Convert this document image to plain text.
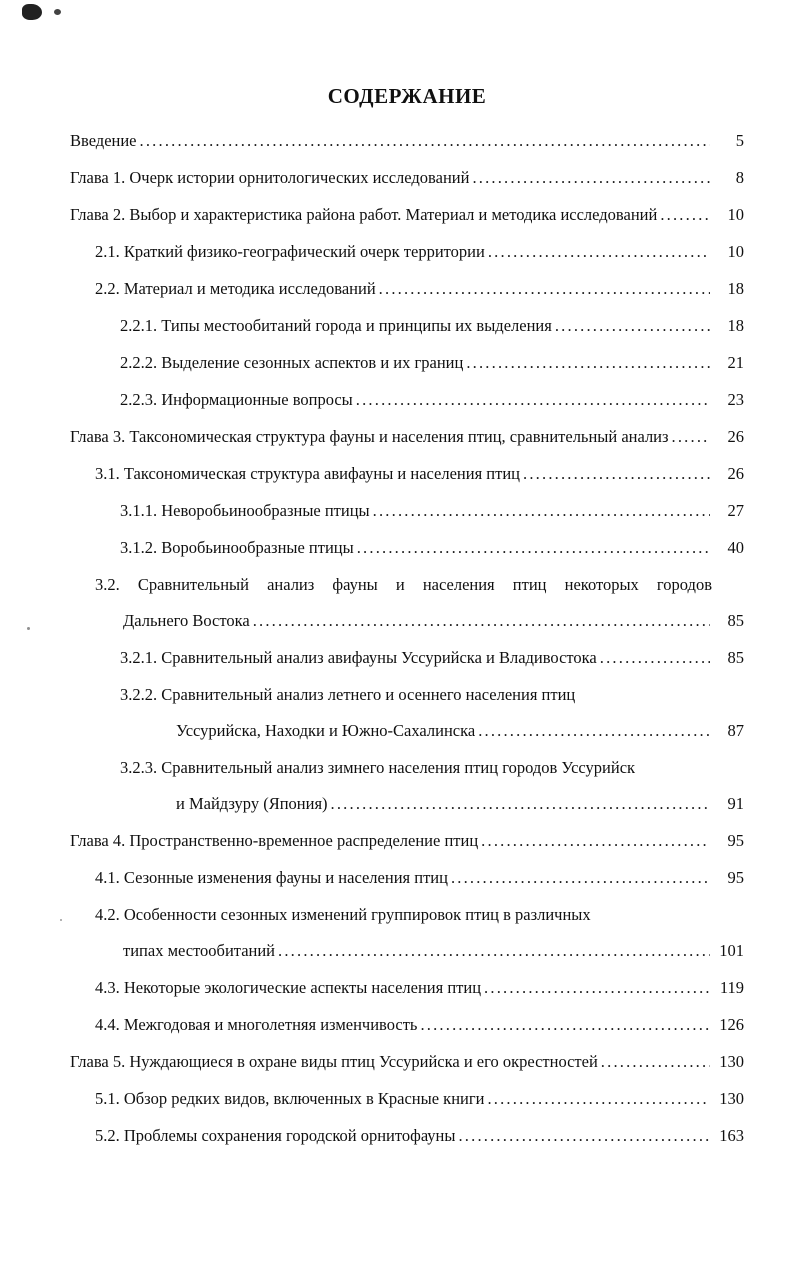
СОДЕРЖАНИЕ
Введение .....	5
Глава 1. Очерк истории орнитологических исследований .....	8
Глава 2. Выбор и характеристика района работ. Материал и методика исследований .....	10
2.1. Краткий физико-географический очерк территории .....	10
2.2. Материал и методика исследований .....	18
2.2.1. Типы местообитаний города и принципы их выделения .....	18
2.2.2. Выделение сезонных аспектов и их границ .....	21
2.2.3. Информационные вопросы .....	23
Глава 3. Таксономическая структура фауны и населения птиц, сравнительный анализ .....	26
3.1. Таксономическая структура авифауны и населения птиц .....	26
3.1.1. Неворобьинообразные птицы .....	27
3.1.2. Воробьинообразные птицы .....	40
3.2. Сравнительный анализ фауны и населения птиц некоторых городов
Дальнего Востока .....	85
3.2.1. Сравнительный анализ авифауны Уссурийска и Владивостока .....	85
3.2.2. Сравнительный анализ летнего и осеннего населения птиц
Уссурийска, Находки и Южно-Сахалинска .....	87
3.2.3. Сравнительный анализ зимнего населения птиц городов Уссурийск
и Майдзуру (Япония) .....	91
Глава 4. Пространственно-временное распределение птиц .....	95
4.1. Сезонные изменения фауны и населения птиц .....	95
4.2. Особенности сезонных изменений группировок птиц в различных
типах местообитаний .....	101
4.3. Некоторые экологические аспекты населения птиц .....	119
4.4. Межгодовая и многолетняя изменчивость .....	126
Глава 5. Нуждающиеся в охране виды птиц Уссурийска и его окрестностей .....	130
5.1. Обзор редких видов, включенных в Красные книги .....	130
5.2. Проблемы сохранения городской орнитофауны .....	163
